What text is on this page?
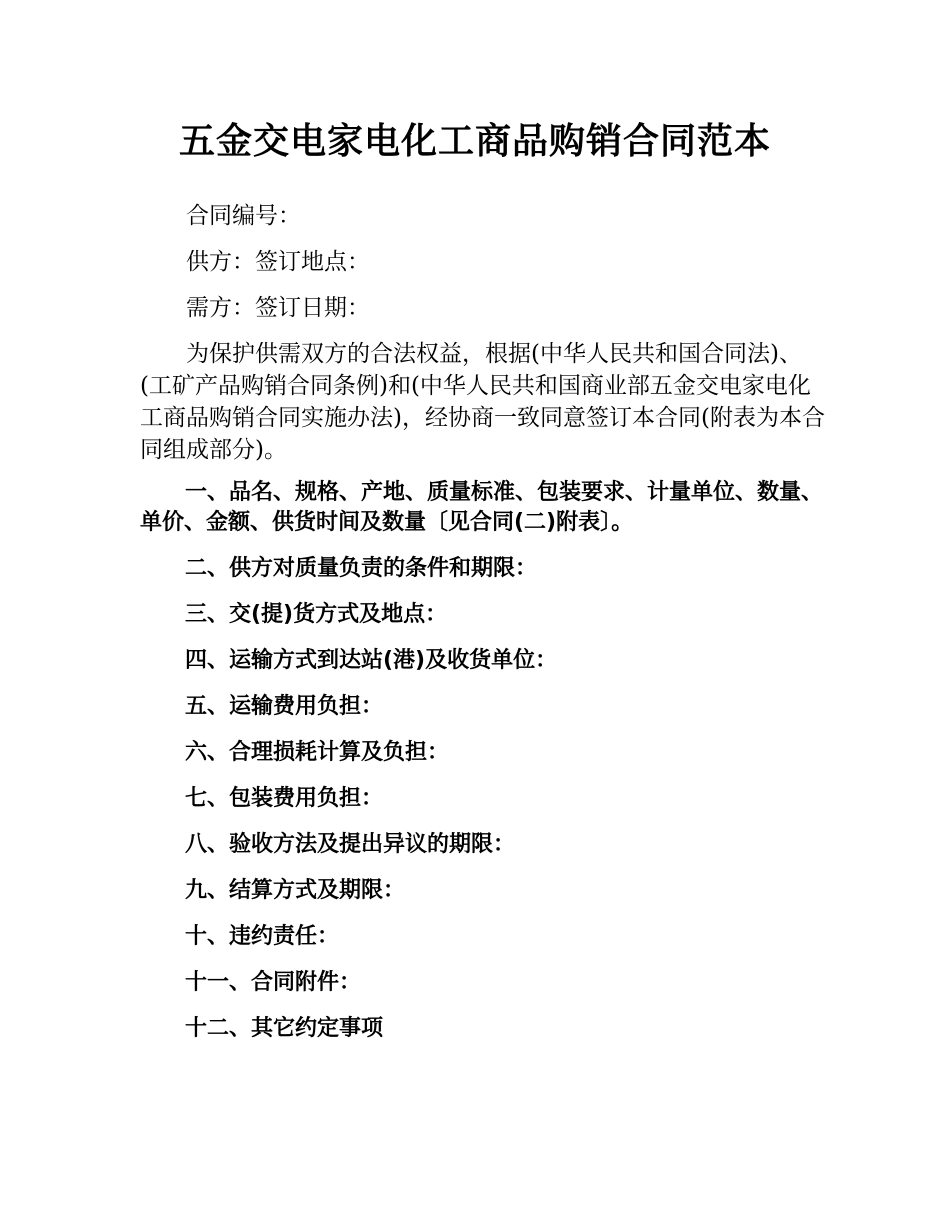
五金交电家电化工商品购销合同范本

合同编号：

供方：签订地点：

需方：签订日期：

为保护供需双方的合法权益，根据(中华人民共和国合同法)、(工矿产品购销合同条例)和(中华人民共和国商业部五金交电家电化工商品购销合同实施办法)，经协商一致同意签订本合同(附表为本合同组成部分)。

一、品名、规格、产地、质量标准、包装要求、计量单位、数量、单价、金额、供货时间及数量〔见合同(二)附表〕。

二、供方对质量负责的条件和期限：

三、交(提)货方式及地点：

四、运输方式到达站(港)及收货单位：

五、运输费用负担：

六、合理损耗计算及负担：

七、包装费用负担：

八、验收方法及提出异议的期限：

九、结算方式及期限：

十、违约责任：

十一、合同附件：

十二、其它约定事项
